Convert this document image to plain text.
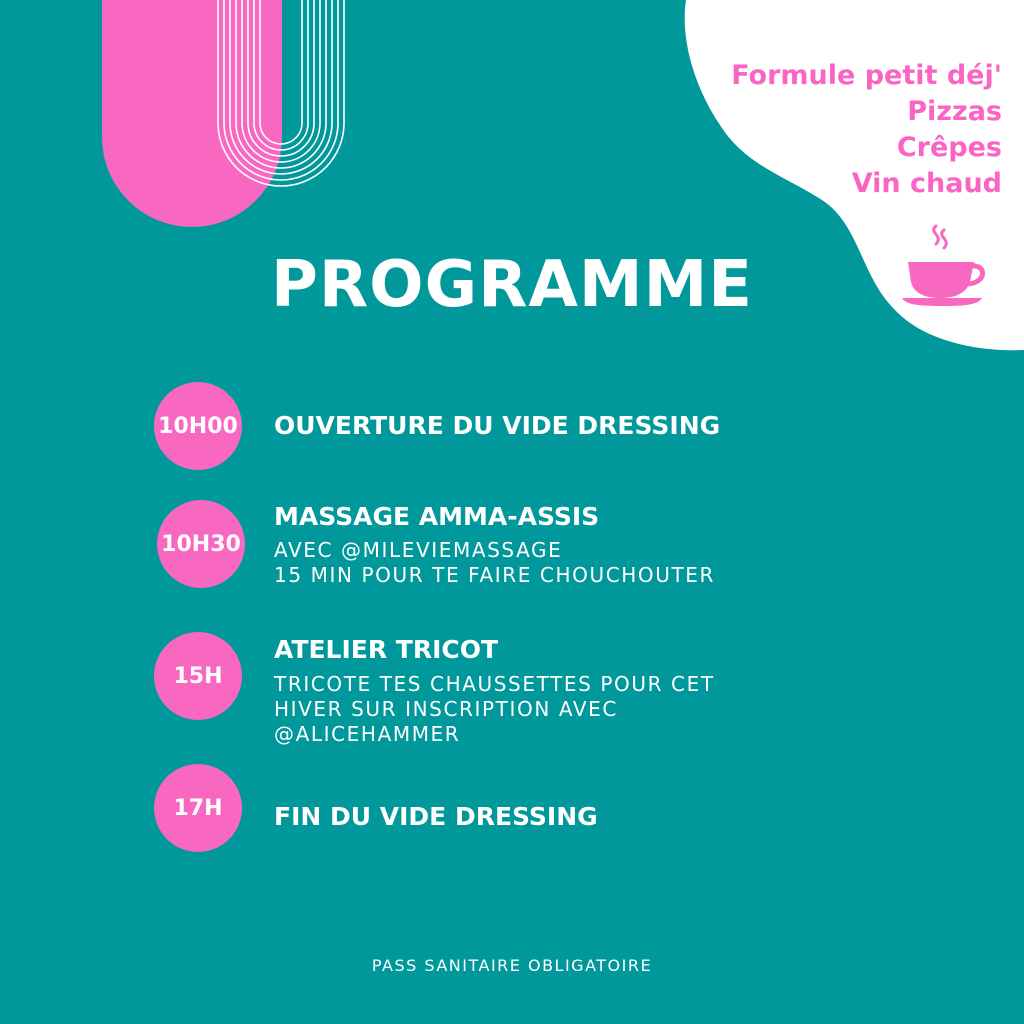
Formule petit déj'
Pizzas
Crêpes
Vin chaud
PROGRAMME
10H00 OUVERTURE DU VIDE DRESSING
10H30
MASSAGE AMMA-ASSIS
AVEC @MILEVIEMASSAGE
15 MIN POUR TE FAIRE CHOUCHOUTER
15H
ATELIER TRICOT
TRICOTE TES CHAUSSETTES POUR CET
HIVER SUR INSCRIPTION AVEC
@ALICEHAMMER
17H FIN DU VIDE DRESSING
PASS SANITAIRE OBLIGATOIRE
